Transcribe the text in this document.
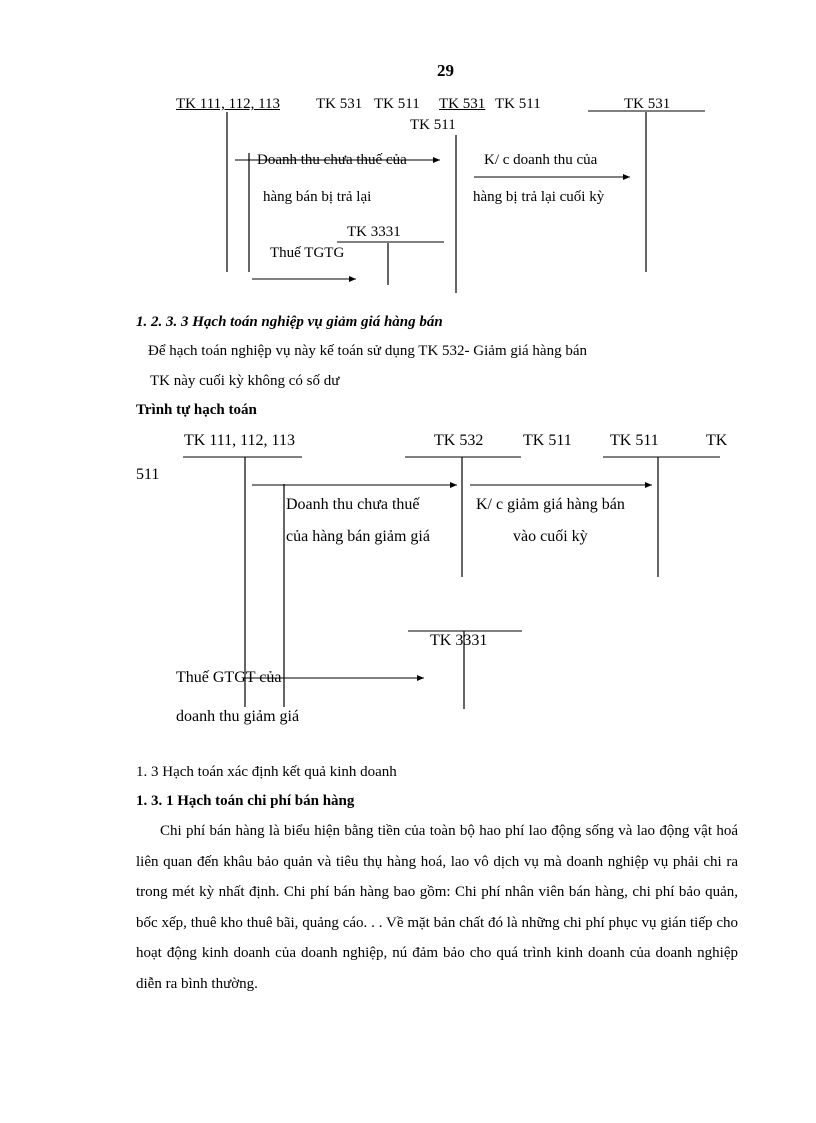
29
TK 111, 112, 113 TK 531 TK 511 TK 531 TK 511	TK 531
TK 511
Doanh thu chưa thuế của
hàng bán bị trả lại
K/ c doanh thu của
hàng bị trả lại cuối kỳ
TK 3331
Thuế TGTG
1. 2. 3. 3 Hạch toán nghiệp vụ giảm giá hàng bán
Để hạch toán nghiệp vụ này kế toán sử dụng TK 532- Giảm giá hàng bán
TK này cuối kỳ không có số dư
Trình tự hạch toán
TK 111, 112, 113	TK 532 TK 511 TK 511	TK
511
Doanh thu chưa thuế
của hàng bán giảm giá
K/ c giảm giá hàng bán
vào cuối kỳ
TK 3331
Thuế GTGT của
doanh thu giảm giá
1. 3 Hạch toán xác định kết quả kinh doanh
1. 3. 1 Hạch toán chi phí bán hàng

Chi phí bán hàng là biểu hiện bằng tiền của toàn bộ hao phí lao động sống và lao động vật hoá liên quan đến khâu bảo quản và tiêu thụ hàng hoá, lao vô dịch vụ mà doanh nghiệp vụ phải chi ra trong mét kỳ nhất định. Chi phí bán hàng bao gồm: Chi phí nhân viên bán hàng, chi phí bảo quản, bốc xếp, thuê kho thuê bãi, quảng cáo. . . Về mặt bản chất đó là những chi phí phục vụ gián tiếp cho hoạt động kinh doanh của doanh nghiệp, nú đảm bảo cho quá trình kinh doanh của doanh nghiệp diễn ra bình thường.
